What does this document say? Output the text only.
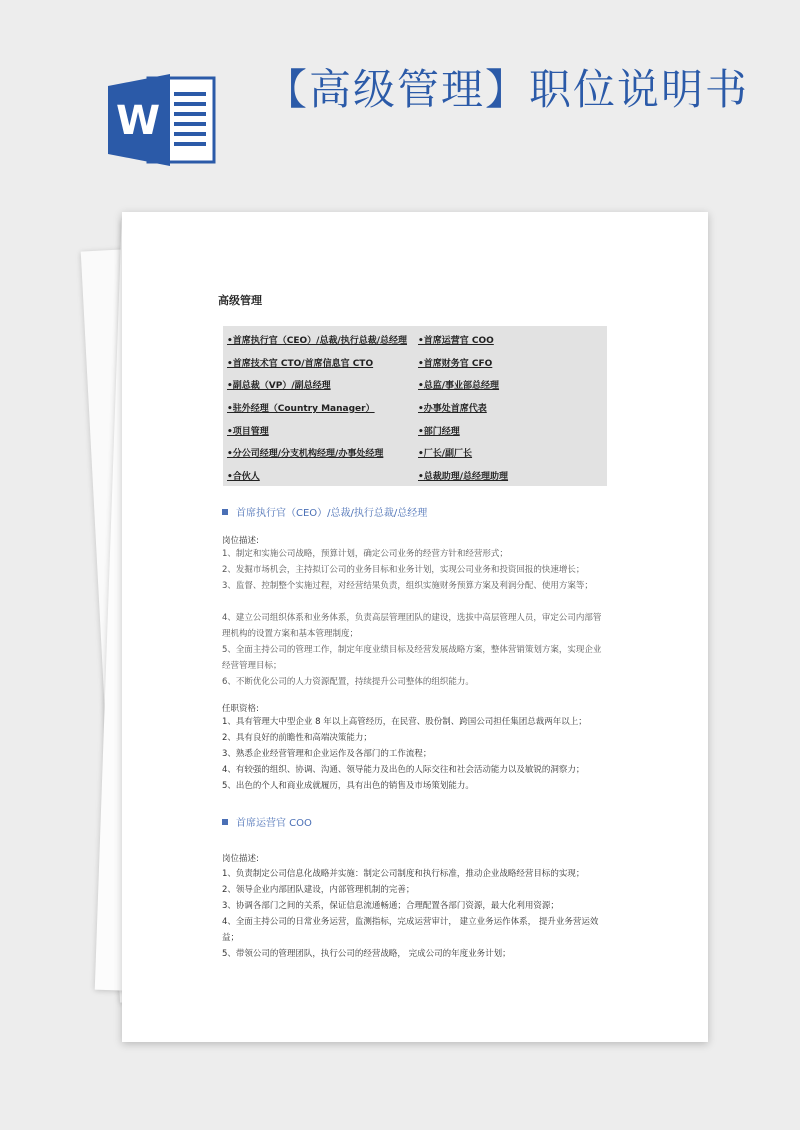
W
【高级管理】职位说明书
高级管理
•首席执行官（CEO）/总裁/执行总裁/总经理
•首席技术官 CTO/首席信息官 CTO
•副总裁（VP）/副总经理
•驻外经理（Country Manager）
•项目管理
•分公司经理/分支机构经理/办事处经理
•合伙人
•首席运营官 COO
•首席财务官 CFO
•总监/事业部总经理
•办事处首席代表
•部门经理
•厂长/副厂长
•总裁助理/总经理助理
首席执行官（CEO）/总裁/执行总裁/总经理
岗位描述:
1、制定和实施公司战略，预算计划，确定公司业务的经营方针和经营形式；
2、发掘市场机会，主持拟订公司的业务目标和业务计划，实现公司业务和投资回报的快速增长；
3、监督、控制整个实施过程，对经营结果负责，组织实施财务预算方案及利润分配、使用方案等；
4、建立公司组织体系和业务体系，负责高层管理团队的建设，选拔中高层管理人员，审定公司内部管理机构的设置方案和基本管理制度；
5、全面主持公司的管理工作，制定年度业绩目标及经营发展战略方案，整体营销策划方案，实现企业经营管理目标；
6、不断优化公司的人力资源配置，持续提升公司整体的组织能力。
任职资格:
1、具有管理大中型企业 8 年以上高管经历，在民营、股份制、跨国公司担任集团总裁两年以上；
2、具有良好的前瞻性和高端决策能力；
3、熟悉企业经营管理和企业运作及各部门的工作流程；
4、有较强的组织、协调、沟通、领导能力及出色的人际交往和社会活动能力以及敏锐的洞察力；
5、出色的个人和商业成就履历，具有出色的销售及市场策划能力。
首席运营官 COO
岗位描述:
1、负责制定公司信息化战略并实施：制定公司制度和执行标准，推动企业战略经营目标的实现；
2、领导企业内部团队建设，内部管理机制的完善；
3、协调各部门之间的关系，保证信息流通畅通；合理配置各部门资源，最大化利用资源；
4、全面主持公司的日常业务运营，监测指标，完成运营审计， 建立业务运作体系， 提升业务营运效益；
5、带领公司的管理团队，执行公司的经营战略， 完成公司的年度业务计划；
